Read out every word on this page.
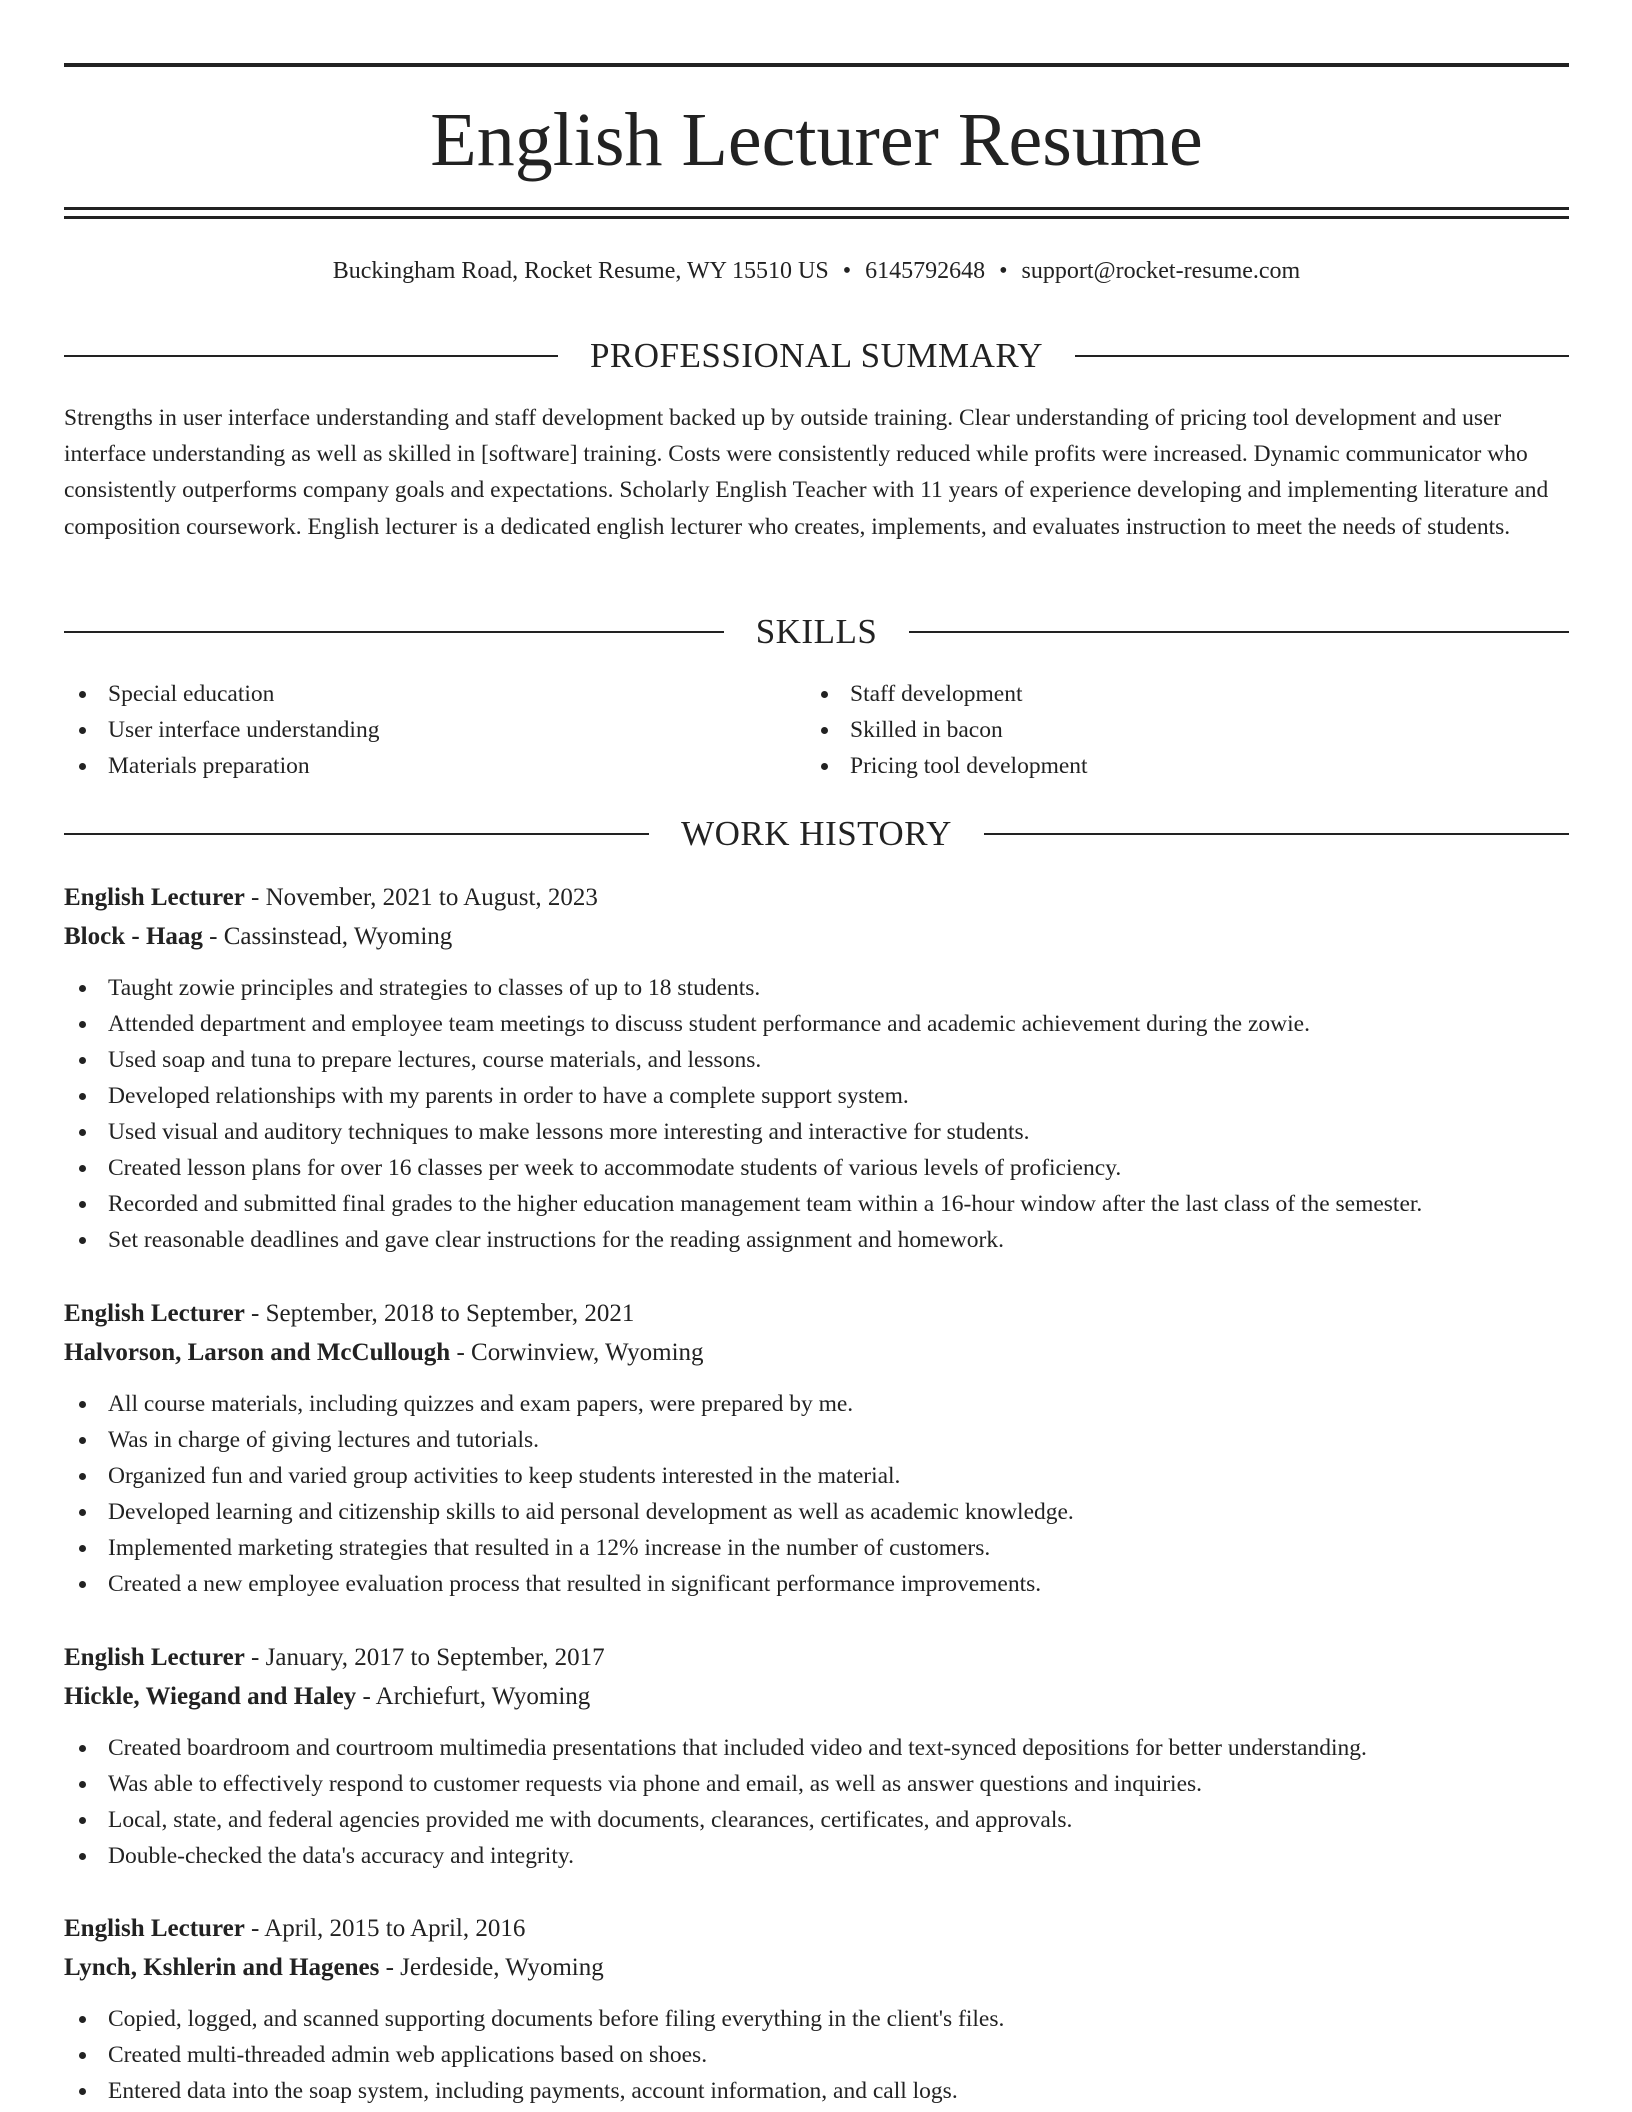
English Lecturer Resume
Buckingham Road, Rocket Resume, WY 15510 US • 6145792648 • support@rocket-resume.com
PROFESSIONAL SUMMARY

Strengths in user interface understanding and staff development backed up by outside training. Clear understanding of pricing tool development and user interface understanding as well as skilled in [software] training. Costs were consistently reduced while profits were increased. Dynamic communicator who consistently outperforms company goals and expectations. Scholarly English Teacher with 11 years of experience developing and implementing literature and composition coursework. English lecturer is a dedicated english lecturer who creates, implements, and evaluates instruction to meet the needs of students.

SKILLS
Special education
User interface understanding
Materials preparation
Staff development
Skilled in bacon
Pricing tool development
WORK HISTORY
English Lecturer - November, 2021 to August, 2023
Block - Haag - Cassinstead, Wyoming
Taught zowie principles and strategies to classes of up to 18 students.
Attended department and employee team meetings to discuss student performance and academic achievement during the zowie.
Used soap and tuna to prepare lectures, course materials, and lessons.
Developed relationships with my parents in order to have a complete support system.
Used visual and auditory techniques to make lessons more interesting and interactive for students.
Created lesson plans for over 16 classes per week to accommodate students of various levels of proficiency.
Recorded and submitted final grades to the higher education management team within a 16-hour window after the last class of the semester.
Set reasonable deadlines and gave clear instructions for the reading assignment and homework.
English Lecturer - September, 2018 to September, 2021
Halvorson, Larson and McCullough - Corwinview, Wyoming
All course materials, including quizzes and exam papers, were prepared by me.
Was in charge of giving lectures and tutorials.
Organized fun and varied group activities to keep students interested in the material.
Developed learning and citizenship skills to aid personal development as well as academic knowledge.
Implemented marketing strategies that resulted in a 12% increase in the number of customers.
Created a new employee evaluation process that resulted in significant performance improvements.
English Lecturer - January, 2017 to September, 2017
Hickle, Wiegand and Haley - Archiefurt, Wyoming
Created boardroom and courtroom multimedia presentations that included video and text-synced depositions for better understanding.
Was able to effectively respond to customer requests via phone and email, as well as answer questions and inquiries.
Local, state, and federal agencies provided me with documents, clearances, certificates, and approvals.
Double-checked the data's accuracy and integrity.
English Lecturer - April, 2015 to April, 2016
Lynch, Kshlerin and Hagenes - Jerdeside, Wyoming
Copied, logged, and scanned supporting documents before filing everything in the client's files.
Created multi-threaded admin web applications based on shoes.
Entered data into the soap system, including payments, account information, and call logs.
